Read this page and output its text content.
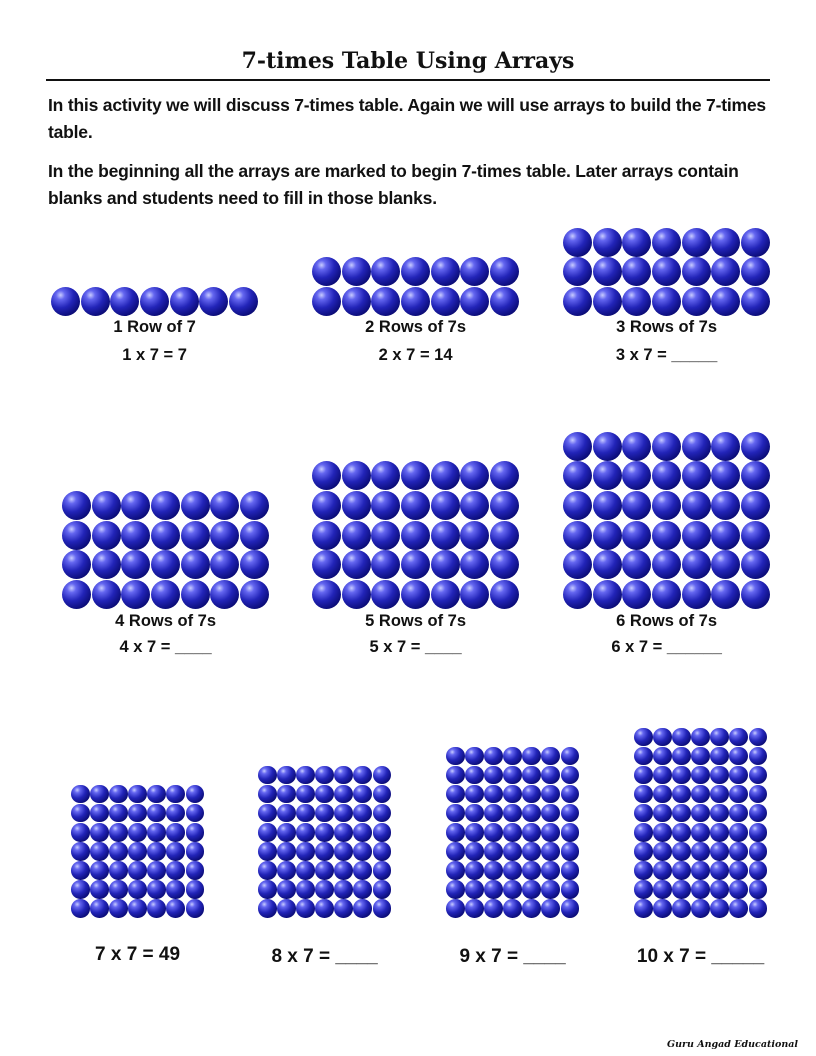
7-times Table Using Arrays

In this activity we will discuss 7-times table. Again we will use arrays to build the 7-times table.

In the beginning all the arrays are marked to begin 7-times table. Later arrays contain blanks and students need to fill in those blanks.

1 Row of 7
1 x 7 = 7
2 Rows of 7s
2 x 7 = 14
3 Rows of 7s
3 x 7 = _____
4 Rows of 7s
4 x 7 = ____
5 Rows of 7s
5 x 7 = ____
6 Rows of 7s
6 x 7 = ______
7 x 7 = 49	8 x 7 = ____	9 x 7 = ____	10 x 7 = _____
Guru Angad Educational
